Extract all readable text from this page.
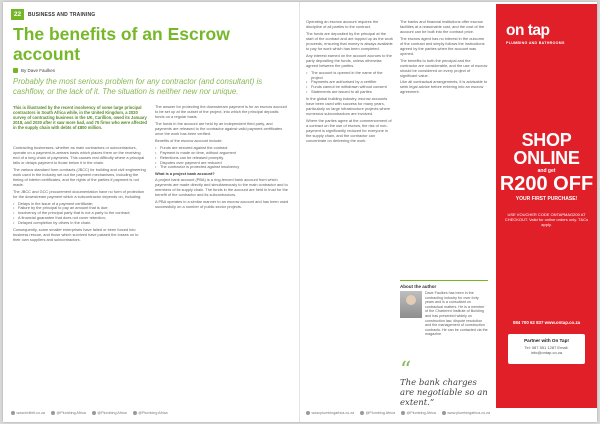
22	BUSINESS AND TRAINING
The benefits of an Escrow account
By Dave Faulkes
Probably the most serious problem for any contractor (and consultant) is cashflow, or the lack of it. The situation is neither new nor unique.
This is illustrated by the recent insolvency of some large principal contractors in South Africa while, in the United Kingdom, a 2020 survey of contracting business in the UK, Carillion, owed its January 2018, and 2020 after it saw more bad, and 75 firms who were affected in the supply chain with debts of £800 million.

Contracting businesses, whether as main contractors or subcontractors, operate on a payment-in-arrears basis which places them on the receiving end of a long chain of payments. This causes real difficulty where a principal fails or delays payment to those below it in the chain.

The various standard form contracts (JBCC) for building and civil engineering work used in the industry set out the payment mechanisms, including the timing of interim certificates, and the rights of the parties if payment is not made.

The JBCC and GCC procurement documentation have no form of protection for the downstream payment which a subcontractor depends on, including:

• Delays in the issue of a payment certificate;
• Failure by the principal to pay an amount that is due;
• Insolvency of the principal party that is not a party to the contract;
• A financial guarantee that does not cover retention;
• Delayed completion by others in the chain.

Consequently, some smaller enterprises have failed or been forced into business rescue, and those which survived have passed the losses on to their own suppliers and subcontractors.

The answer for protecting the downstream payment is for an escrow account to be set up at the outset of the project, into which the principal deposits funds on a regular basis.

The funds in the account are held by an independent third party, and payments are released to the contractor against valid payment certificates once the work has been verified.

Benefits of the escrow account include:

• Funds are secured against the contract
• Payment is made on time, without argument
• Retentions can be released promptly
• Disputes over payment are reduced
• The contractor is protected against insolvency
What is a project bank account?

A project bank account (PBA) is a ring-fenced bank account from which payments are made directly and simultaneously to the main contractor and to members of its supply chain. The funds in the account are held in trust for the benefit of the contractor and its subcontractors.

A PBA operates in a similar manner to an escrow account and has been used successfully on a number of public sector projects.

www.bnfleit.co.za	@Plumbing Africa	@Plumbing Africa	@Plumbing Africa

Operating an escrow account requires the discipline of all parties to the contract.

The funds are deposited by the principal at the start of the contract and are topped up as the work proceeds, ensuring that money is always available to pay for work which has been completed.

Any interest earned on the account accrues to the party depositing the funds, unless otherwise agreed between the parties.

• The account is opened in the name of the project
• Payments are authorised by a certifier
• Funds cannot be withdrawn without consent
• Statements are issued to all parties

In the global building industry, escrow accounts have been used with success for many years, particularly on large infrastructure projects where numerous subcontractors are involved.

Where the parties agree at the commencement of a contract on the use of escrow, the risk of non-payment is significantly reduced for everyone in the supply chain, and the contractor can concentrate on delivering the work.

The banks and financial institutions offer escrow facilities at a reasonable cost, and the cost of the account can be built into the contract price.

The escrow agent has no interest in the outcome of the contract and simply follows the instructions agreed by the parties when the account was opened.

The benefits to both the principal and the contractor are considerable, and the use of escrow should be considered on every project of significant value.

Like all contractual arrangements, it is advisable to seek legal advice before entering into an escrow agreement.

About the author
Dave Faulkes has been in the contracting industry for over forty years and is a consultant on contractual matters. He is a member of the Chartered Institute of Building and has presented widely on construction law, dispute resolution and the management of construction contracts. He can be contacted via the magazine.
“
The bank charges are negotiable so an extent.”
on tap
PLUMBING AND BATHROOMS
SHOP
ONLINE
and get
R200 OFF
YOUR FIRST PURCHASE!
USE VOUCHER CODE ONTAPMAG200 AT CHECKOUT. Valid for online orders only. T&Cs apply.
084 700 62 837 www.ontap.co.za
Partner with On Tap!
Tel: 087 551 1287 Email: info@ontap.co.za
www.plumbingafrica.co.za	@Plumbing Africa	@Plumbing Africa	www.plumbingafrica.co.za
